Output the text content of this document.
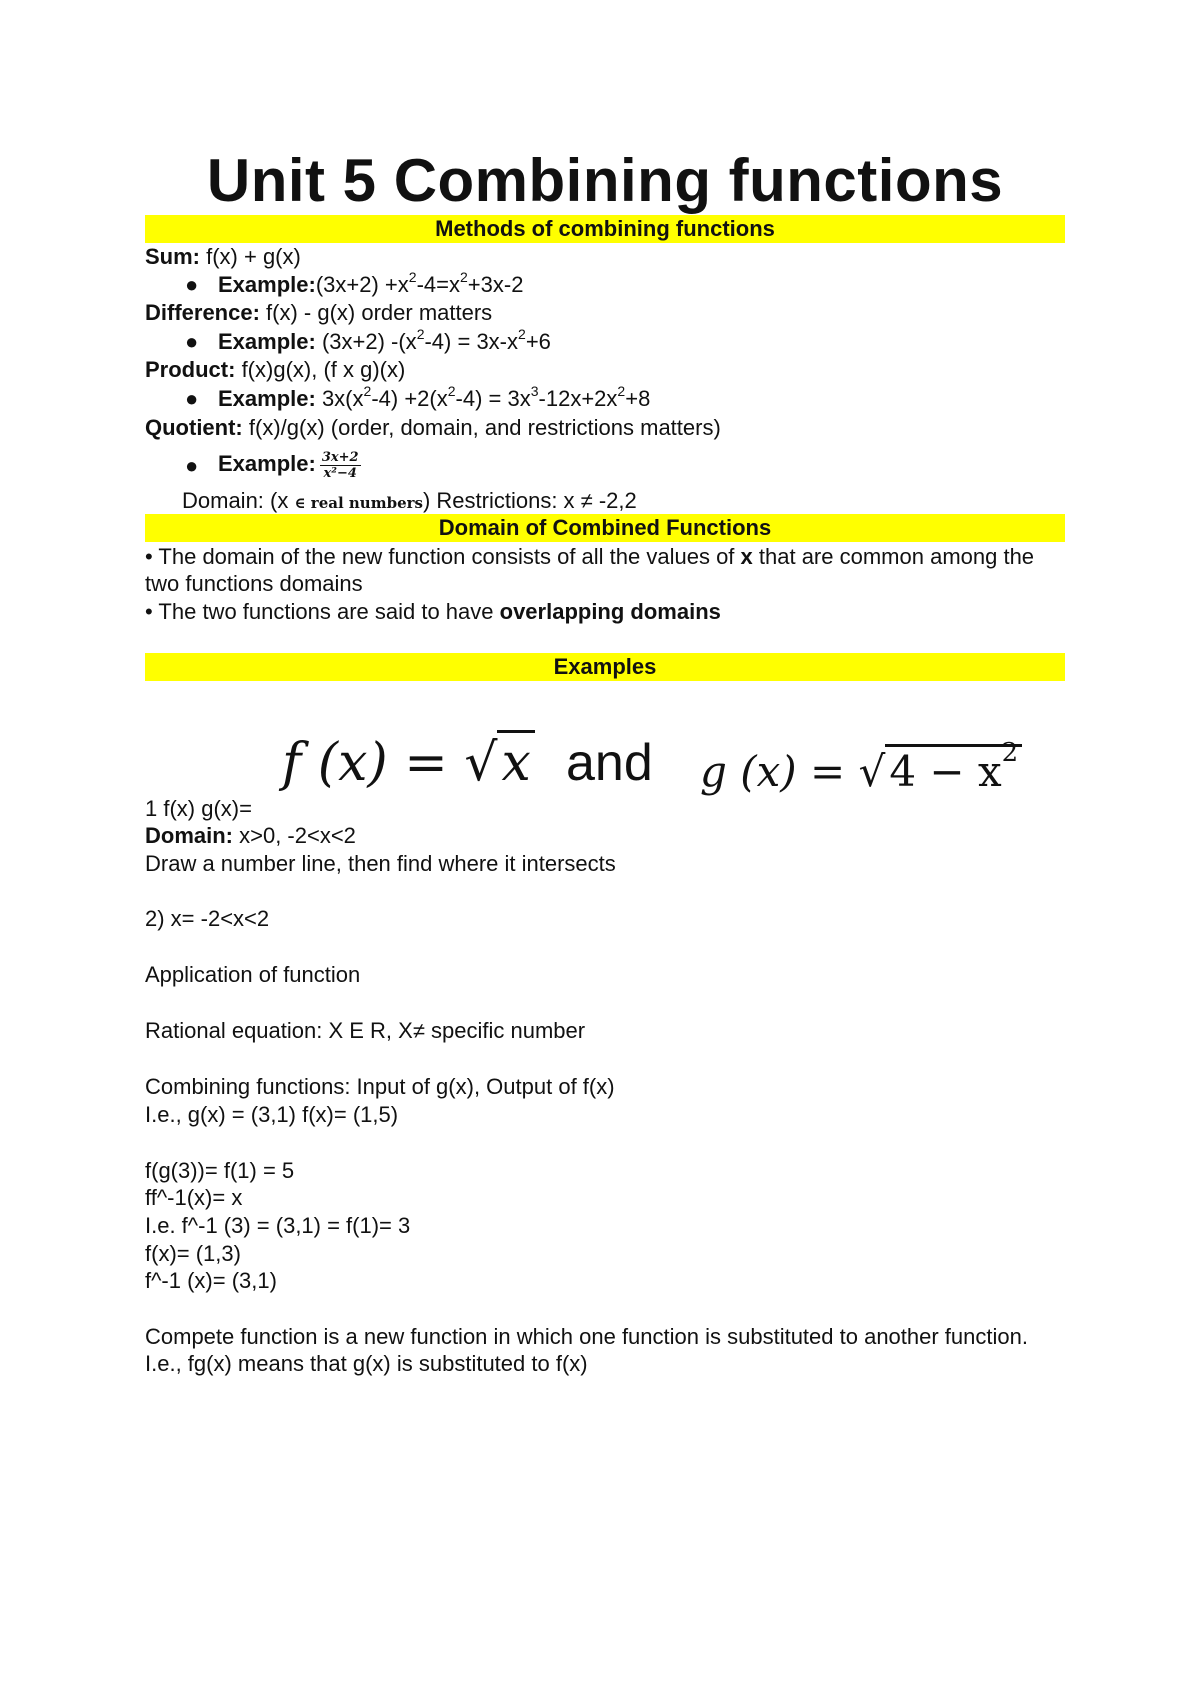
Unit 5 Combining functions
Methods of combining functions
Sum: f(x) + g(x)
● Example:(3x+2) $+x^2-4=x^2+3x-2$
Difference: f(x) - g(x) order matters
● Example: (3x+2) $-(x^2-4) = 3x-x^2+6$
Product: f(x)g(x), (f x g)(x)
● Example: $3x(x^2-4) +2(x^2-4) = 3x^3-12x+2x^2+8$
Quotient: f(x)/g(x) (order, domain, and restrictions matters)
● Example: $\frac{3x+2}{\text{x²−4}}$
Domain: (x ∈ real numbers) Restrictions: x ≠ -2,2
Domain of Combined Functions
• The domain of the new function consists of all the values of x that are common among the two functions domains
• The two functions are said to have overlapping domains
Examples
f (x) = √x and g $(x) = √4 - x^2$
1 f(x) g(x)=
Domain: x>0, -2<x<2
Draw a number line, then find where it intersects
2) x= -2<x<2
Application of function
Rational equation: X E R, X≠ specific number
Combining functions: Input of g(x), Output of f(x)
I.e., g(x) = (3,1) f(x)= (1,5)
f(g(3))= f(1) = 5
ff^-1(x)= x
I.e. f^-1 (3) = (3,1) = f(1)= 3
f(x)= (1,3)
f^-1 (x)= (3,1)
Compete function is a new function in which one function is substituted to another function. I.e., fg(x) means that g(x) is substituted to f(x)
